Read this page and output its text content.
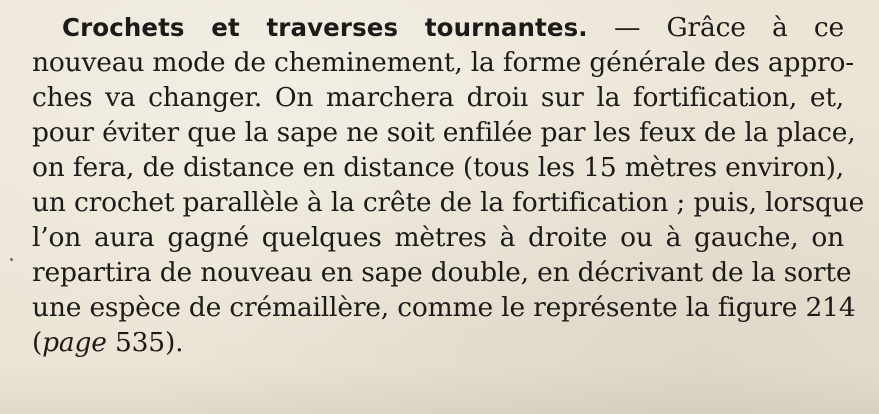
Crochets et traverses tournantes. — Grâce à ce
nouveau mode de cheminement, la forme générale des appro-
ches va changer. On marchera droiı sur la fortification, et,
pour éviter que la sape ne soit enfilée par les feux de la place,
on fera, de distance en distance (tous les 15 mètres environ),
un crochet parallèle à la crête de la fortification ; puis, lorsque
l’on aura gagné quelques mètres à droite ou à gauche, on
repartira de nouveau en sape double, en décrivant de la sorte
une espèce de crémaillère, comme le représente la figure 214
(page 535).
